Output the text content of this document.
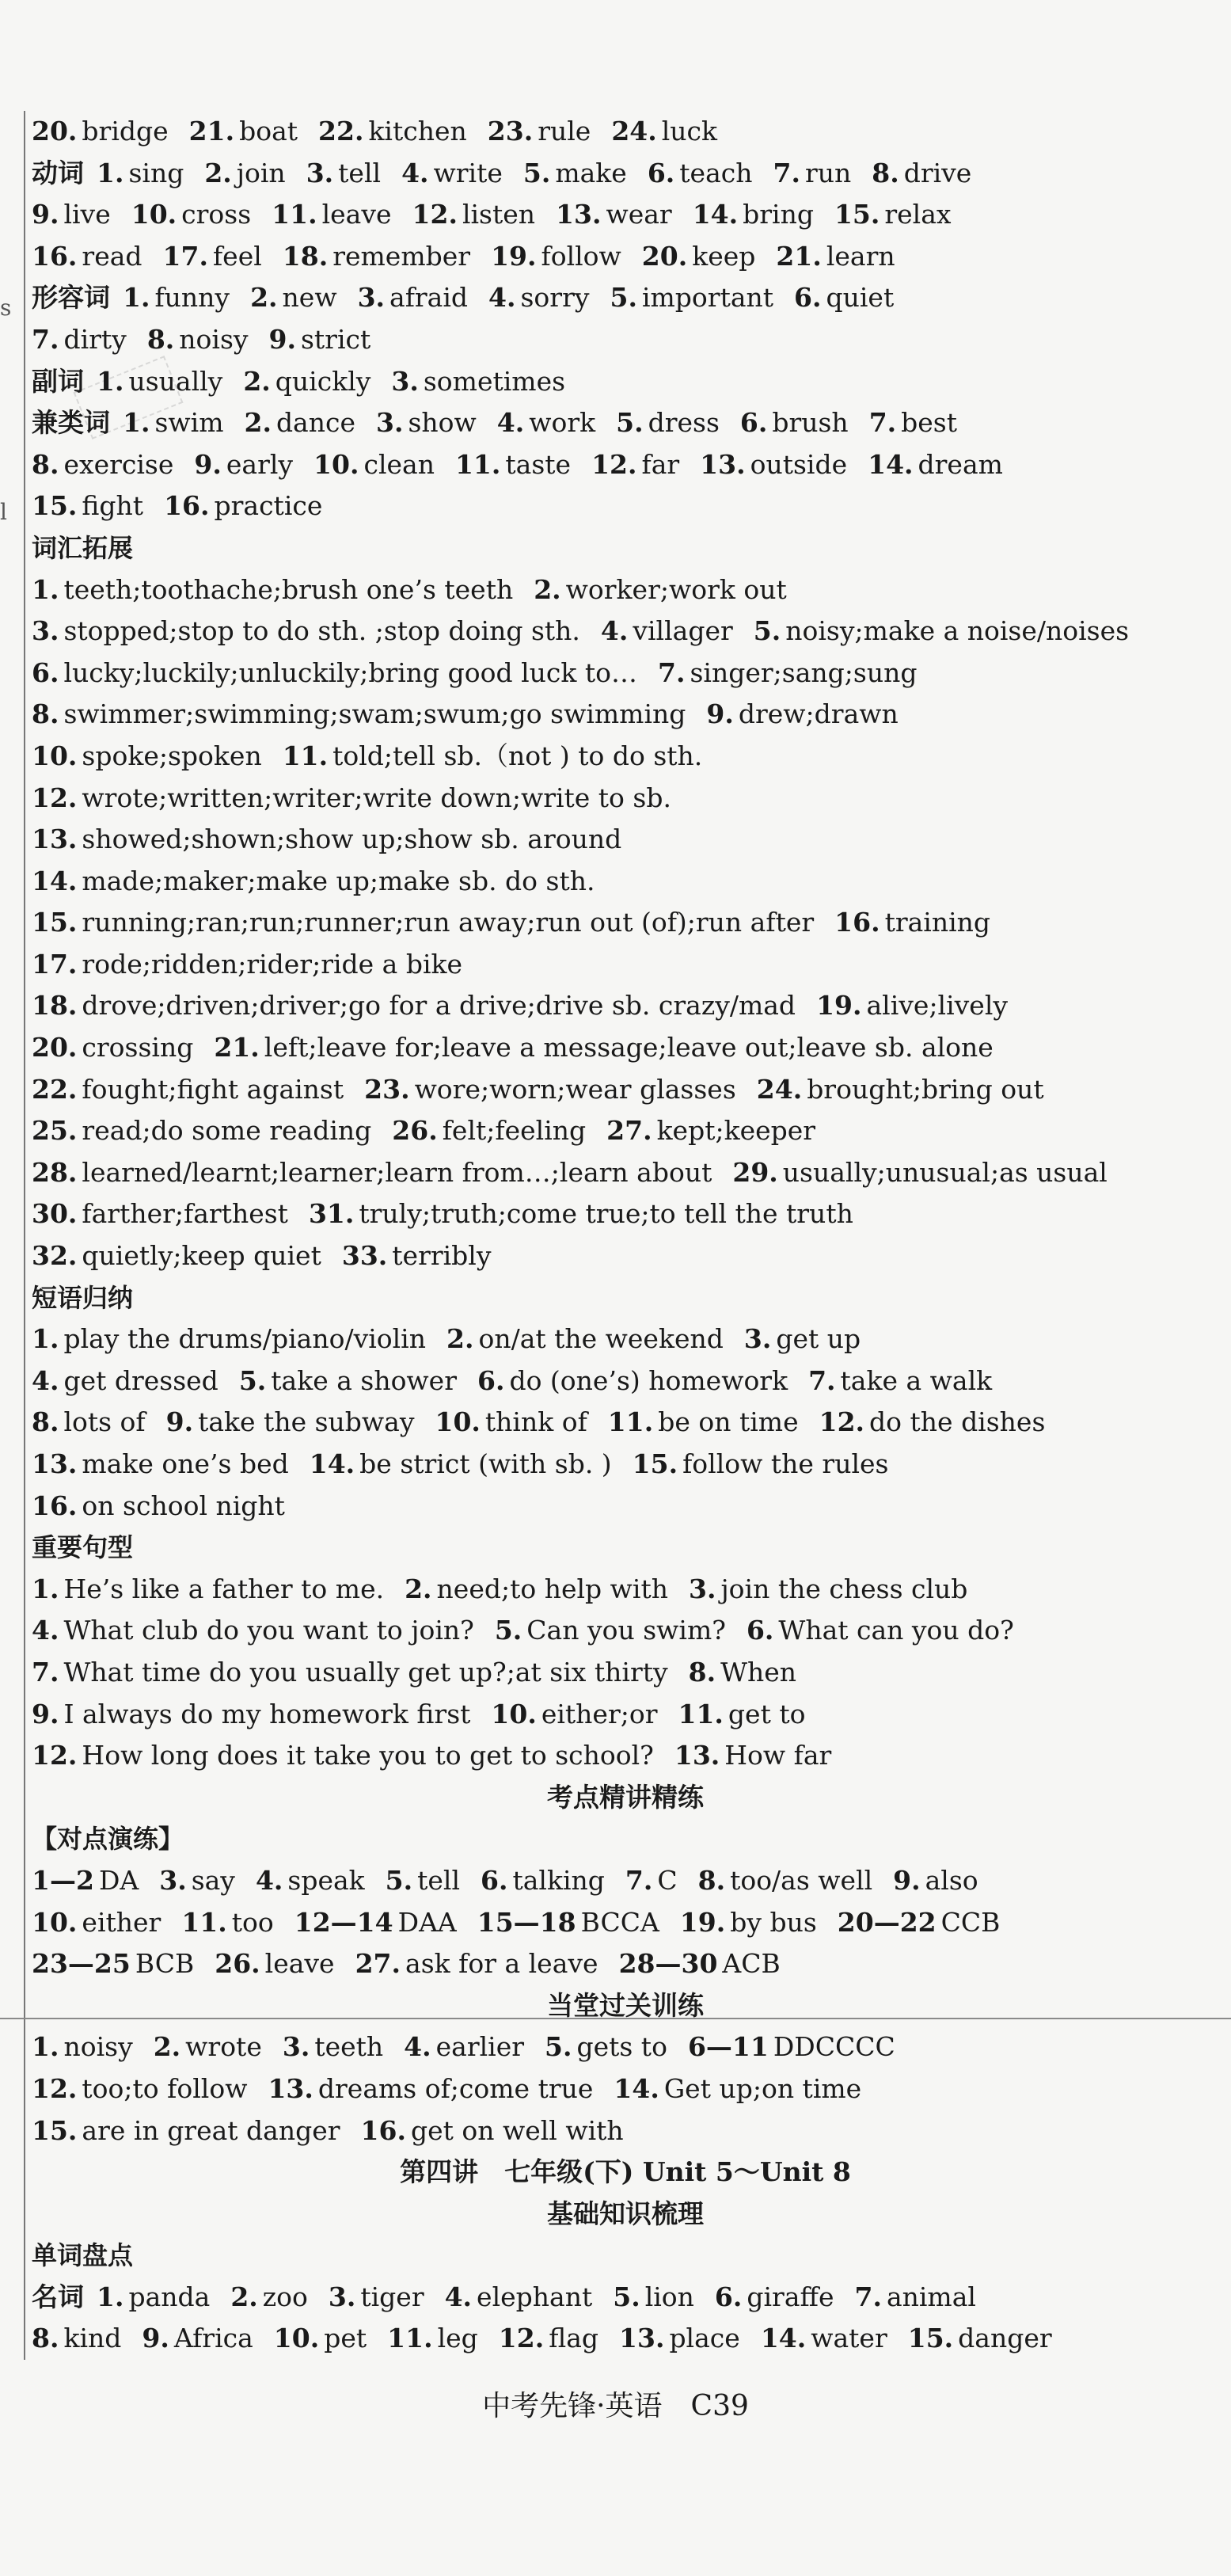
s
l
20. bridge 21. boat 22. kitchen 23. rule 24. luck
动词 1. sing 2. join 3. tell 4. write 5. make 6. teach 7. run 8. drive
9. live 10. cross 11. leave 12. listen 13. wear 14. bring 15. relax
16. read 17. feel 18. remember 19. follow 20. keep 21. learn
形容词 1. funny 2. new 3. afraid 4. sorry 5. important 6. quiet
7. dirty 8. noisy 9. strict
副词 1. usually 2. quickly 3. sometimes
兼类词 1. swim 2. dance 3. show 4. work 5. dress 6. brush 7. best
8. exercise 9. early 10. clean 11. taste 12. far 13. outside 14. dream
15. fight 16. practice
词汇拓展
1. teeth;toothache;brush one’s teeth 2. worker;work out
3. stopped;stop to do sth. ;stop doing sth. 4. villager 5. noisy;make a noise/noises
6. lucky;luckily;unluckily;bring good luck to… 7. singer;sang;sung
8. swimmer;swimming;swam;swum;go swimming 9. drew;drawn
10. spoke;spoken 11. told;tell sb.（not ) to do sth.
12. wrote;written;writer;write down;write to sb.
13. showed;shown;show up;show sb. around
14. made;maker;make up;make sb. do sth.
15. running;ran;run;runner;run away;run out (of);run after 16. training
17. rode;ridden;rider;ride a bike
18. drove;driven;driver;go for a drive;drive sb. crazy/mad 19. alive;lively
20. crossing 21. left;leave for;leave a message;leave out;leave sb. alone
22. fought;fight against 23. wore;worn;wear glasses 24. brought;bring out
25. read;do some reading 26. felt;feeling 27. kept;keeper
28. learned/learnt;learner;learn from…;learn about 29. usually;unusual;as usual
30. farther;farthest 31. truly;truth;come true;to tell the truth
32. quietly;keep quiet 33. terribly
短语归纳
1. play the drums/piano/violin 2. on/at the weekend 3. get up
4. get dressed 5. take a shower 6. do (one’s) homework 7. take a walk
8. lots of 9. take the subway 10. think of 11. be on time 12. do the dishes
13. make one’s bed 14. be strict (with sb. ) 15. follow the rules
16. on school night
重要句型
1. He’s like a father to me. 2. need;to help with 3. join the chess club
4. What club do you want to join? 5. Can you swim? 6. What can you do?
7. What time do you usually get up?;at six thirty 8. When
9. I always do my homework first 10. either;or 11. get to
12. How long does it take you to get to school? 13. How far
考点精讲精练
【对点演练】
1—2 DA 3. say 4. speak 5. tell 6. talking 7. C 8. too/as well 9. also
10. either 11. too 12—14 DAA 15—18 BCCA 19. by bus 20—22 CCB
23—25 BCB 26. leave 27. ask for a leave 28—30 ACB
当堂过关训练
1. noisy 2. wrote 3. teeth 4. earlier 5. gets to 6—11 DDCCCC
12. too;to follow 13. dreams of;come true 14. Get up;on time
15. are in great danger 16. get on well with
第四讲　七年级(下) Unit 5～Unit 8
基础知识梳理
单词盘点
名词 1. panda 2. zoo 3. tiger 4. elephant 5. lion 6. giraffe 7. animal
8. kind 9. Africa 10. pet 11. leg 12. flag 13. place 14. water 15. danger
中考先锋·英语　C39
